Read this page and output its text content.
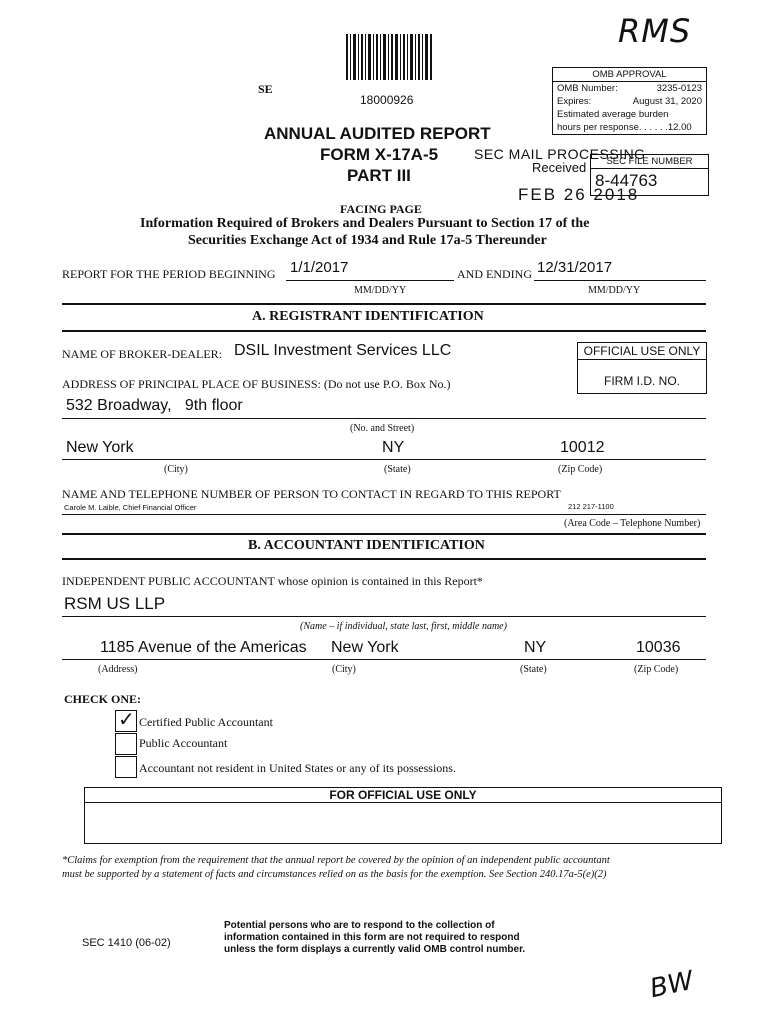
RMS
SE
18000926
OMB APPROVAL
OMB Number:	3235-0123
Expires:	August 31, 2020
Estimated average burden
hours per response. . . . . .12.00
ANNUAL AUDITED REPORT
FORM X-17A-5
PART III
SEC MAIL PROCESSING
Received
FEB 26 2018
SEC FILE NUMBER
8-44763
FACING PAGE
Information Required of Brokers and Dealers Pursuant to Section 17 of the
Securities Exchange Act of 1934 and Rule 17a-5 Thereunder
REPORT FOR THE PERIOD BEGINNING 1/1/2017	AND ENDING 12/31/2017
MM/DD/YY	MM/DD/YY
A. REGISTRANT IDENTIFICATION
NAME OF BROKER-DEALER: DSIL Investment Services LLC	OFFICIAL USE ONLY
FIRM I.D. NO.
ADDRESS OF PRINCIPAL PLACE OF BUSINESS: (Do not use P.O. Box No.)
532 Broadway,   9th floor
(No. and Street)
New York	NY	10012
(City)	(State)	(Zip Code)
NAME AND TELEPHONE NUMBER OF PERSON TO CONTACT IN REGARD TO THIS REPORT
Carole M. Laible, Chief Financial Officer	212 217-1100
(Area Code – Telephone Number)
B. ACCOUNTANT IDENTIFICATION
INDEPENDENT PUBLIC ACCOUNTANT whose opinion is contained in this Report*
RSM US LLP
(Name – if individual, state last, first, middle name)
1185 Avenue of the Americas New York	NY	10036
(Address)	(City)	(State)	(Zip Code)
CHECK ONE:
✓ Certified Public Accountant
Public Accountant
Accountant not resident in United States or any of its possessions.
FOR OFFICIAL USE ONLY
*Claims for exemption from the requirement that the annual report be covered by the opinion of an independent public accountant
must be supported by a statement of facts and circumstances relied on as the basis for the exemption. See Section 240.17a-5(e)(2)
SEC 1410 (06-02)
Potential persons who are to respond to the collection of
information contained in this form are not required to respond
unless the form displays a currently valid OMB control number.
BW
